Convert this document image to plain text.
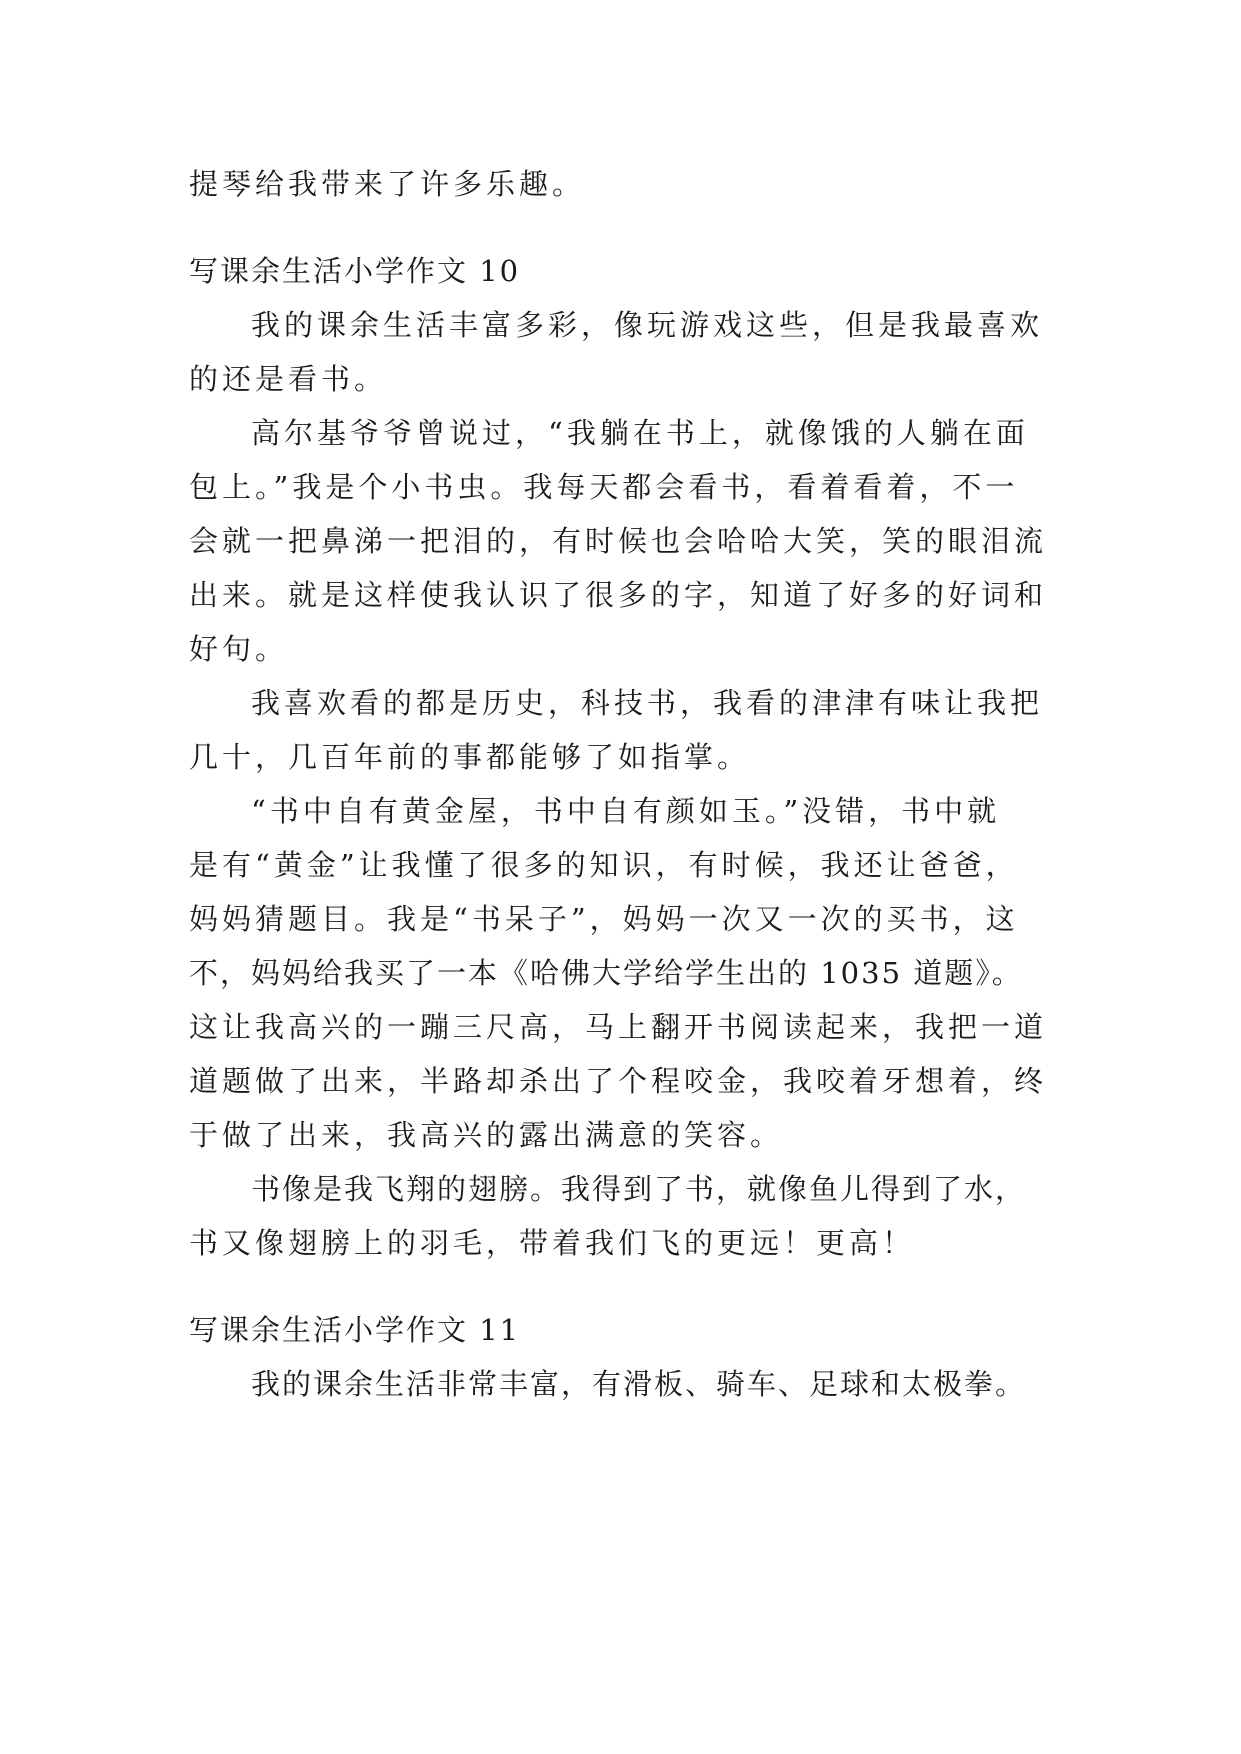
提琴给我带来了许多乐趣。
写课余生活小学作文 10
我的课余生活丰富多彩，像玩游戏这些，但是我最喜欢
的还是看书。
高尔基爷爷曾说过，“我躺在书上，就像饿的人躺在面
包上。”我是个小书虫。我每天都会看书，看着看着，不一
会就一把鼻涕一把泪的，有时候也会哈哈大笑，笑的眼泪流
出来。就是这样使我认识了很多的字，知道了好多的好词和
好句。
我喜欢看的都是历史，科技书，我看的津津有味让我把
几十，几百年前的事都能够了如指掌。
“书中自有黄金屋，书中自有颜如玉。”没错，书中就
是有“黄金”让我懂了很多的知识，有时候，我还让爸爸，
妈妈猜题目。我是“书呆子”，妈妈一次又一次的买书，这
不，妈妈给我买了一本《哈佛大学给学生出的 1035 道题》。
这让我高兴的一蹦三尺高，马上翻开书阅读起来，我把一道
道题做了出来，半路却杀出了个程咬金，我咬着牙想着，终
于做了出来，我高兴的露出满意的笑容。
书像是我飞翔的翅膀。我得到了书，就像鱼儿得到了水，
书又像翅膀上的羽毛，带着我们飞的更远！更高！
写课余生活小学作文 11
我的课余生活非常丰富，有滑板、骑车、足球和太极拳。
